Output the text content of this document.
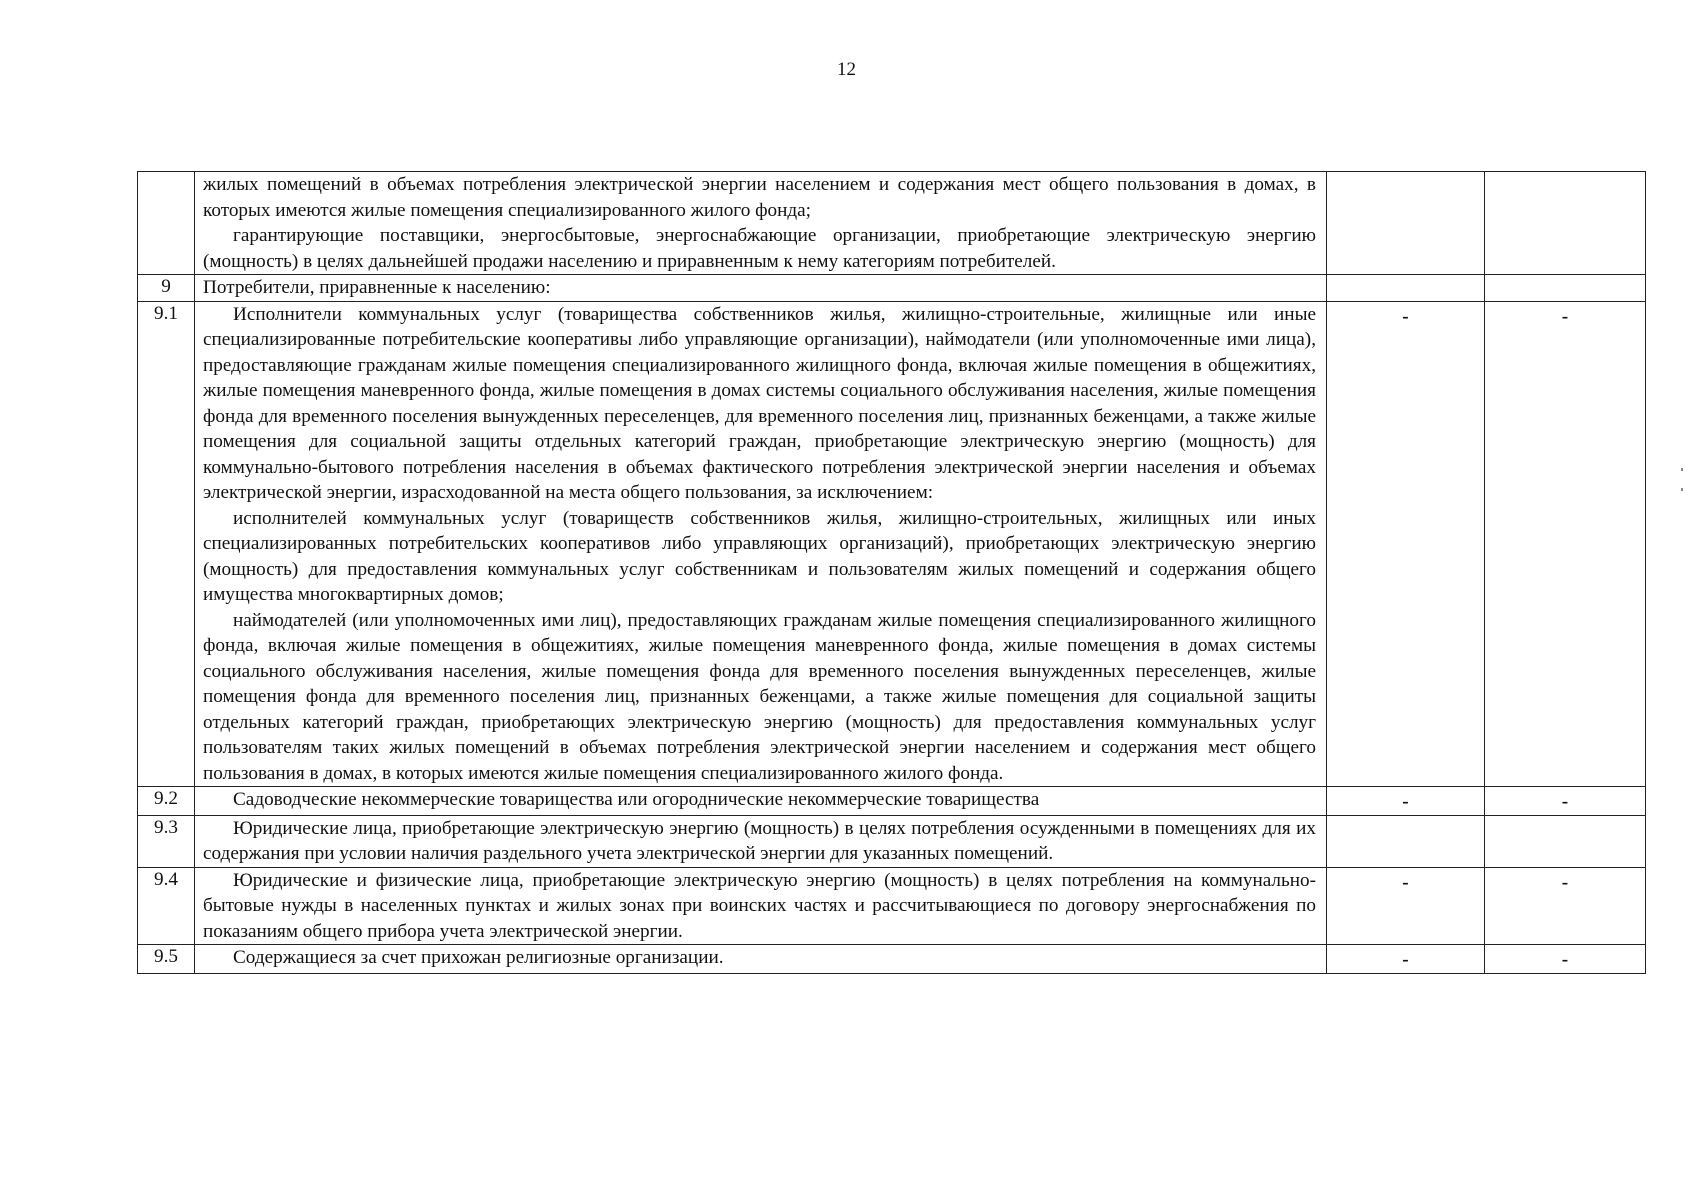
12

	жилых помещений в объемах потребления электрической энергии населением и содержания мест общего пользования в домах, в которых имеются жилые помещения специализированного жилого фонда;

гарантирующие поставщики, энергосбытовые, энергоснабжающие организации, приобретающие электрическую энергию (мощность) в целях дальнейшей продажи населению и приравненным к нему категориям потребителей.		

9	Потребители, приравненные к населению:		

9.1	Исполнители коммунальных услуг (товарищества собственников жилья, жилищно-строительные, жилищные или иные специализированные потребительские кооперативы либо управляющие организации), наймодатели (или уполномоченные ими лица), предоставляющие гражданам жилые помещения специализированного жилищного фонда, включая жилые помещения в общежитиях, жилые помещения маневренного фонда, жилые помещения в домах системы социального обслуживания населения, жилые помещения фонда для временного поселения вынужденных переселенцев, для временного поселения лиц, признанных беженцами, а также жилые помещения для социальной защиты отдельных категорий граждан, приобретающие электрическую энергию (мощность) для коммунально-бытового потребления населения в объемах фактического потребления электрической энергии населения и объемах электрической энергии, израсходованной на места общего пользования, за исключением:

исполнителей коммунальных услуг (товариществ собственников жилья, жилищно-строительных, жилищных или иных специализированных потребительских кооперативов либо управляющих организаций), приобретающих электрическую энергию (мощность) для предоставления коммунальных услуг собственникам и пользователям жилых помещений и содержания общего имущества многоквартирных домов;

наймодателей (или уполномоченных ими лиц), предоставляющих гражданам жилые помещения специализированного жилищного фонда, включая жилые помещения в общежитиях, жилые помещения маневренного фонда, жилые помещения в домах системы социального обслуживания населения, жилые помещения фонда для временного поселения вынужденных переселенцев, жилые помещения фонда для временного поселения лиц, признанных беженцами, а также жилые помещения для социальной защиты отдельных категорий граждан, приобретающих электрическую энергию (мощность) для предоставления коммунальных услуг пользователям таких жилых помещений в объемах потребления электрической энергии населением и содержания мест общего пользования в домах, в которых имеются жилые помещения специализированного жилого фонда.	-	-
9.2	Садоводческие некоммерческие товарищества или огороднические некоммерческие товарищества	-	-
9.3	Юридические лица, приобретающие электрическую энергию (мощность) в целях потребления осужденными в помещениях для их содержания при условии наличия раздельного учета электрической энергии для указанных помещений.		

9.4	Юридические и физические лица, приобретающие электрическую энергию (мощность) в целях потребления на коммунально-бытовые нужды в населенных пунктах и жилых зонах при воинских частях и рассчитывающиеся по договору энергоснабжения по показаниям общего прибора учета электрической энергии.	-	-
9.5	Содержащиеся за счет прихожан религиозные организации.	-	-
